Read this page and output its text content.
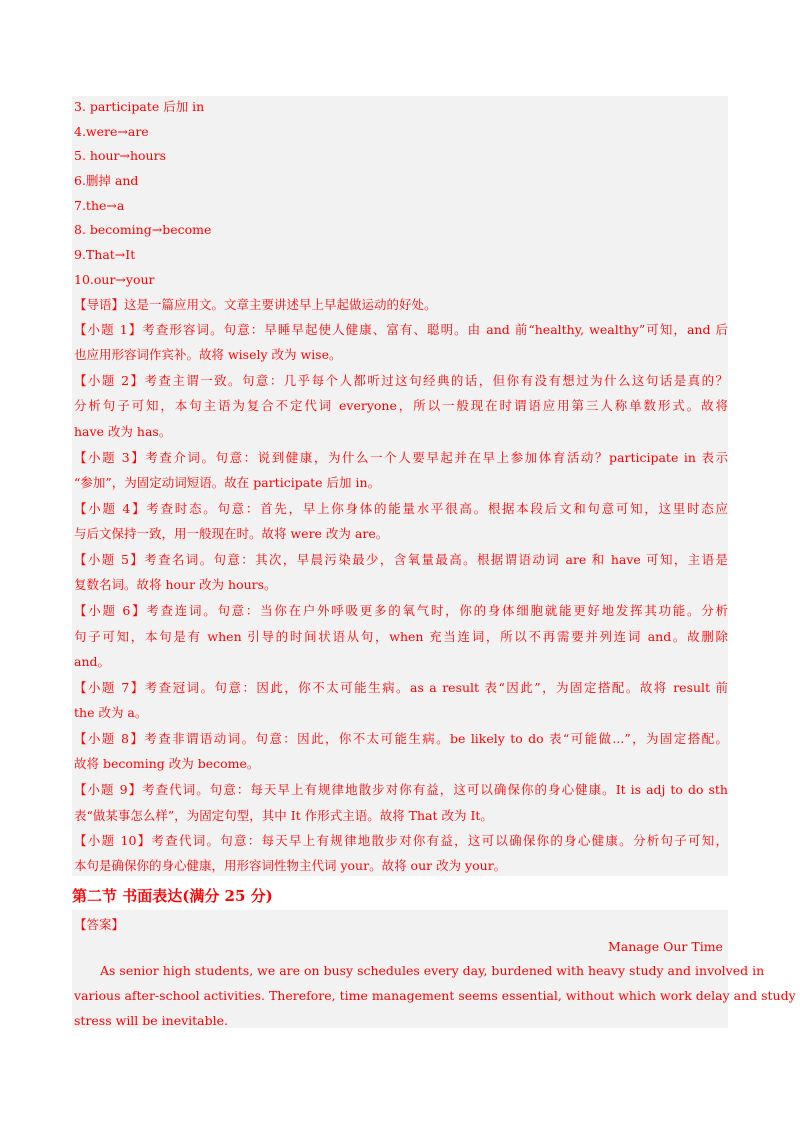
3. participate 后加 in
4.were→are
5. hour→hours
6.删掉 and
7.the→a
8. becoming→become
9.That→It
10.our→your
【导语】这是一篇应用文。文章主要讲述早上早起做运动的好处。
【小题 1】考查形容词。句意：早睡早起使人健康、富有、聪明。由 and 前“healthy, wealthy”可知，and 后
也应用形容词作宾补。故将 wisely 改为 wise。
【小题 2】考查主谓一致。句意：几乎每个人都听过这句经典的话，但你有没有想过为什么这句话是真的？
分析句子可知，本句主语为复合不定代词 everyone，所以一般现在时谓语应用第三人称单数形式。故将
have 改为 has。
【小题 3】考查介词。句意：说到健康，为什么一个人要早起并在早上参加体育活动？participate in 表示
“参加”，为固定动词短语。故在 participate 后加 in。
【小题 4】考查时态。句意：首先，早上你身体的能量水平很高。根据本段后文和句意可知，这里时态应
与后文保持一致，用一般现在时。故将 were 改为 are。
【小题 5】考查名词。句意：其次，早晨污染最少，含氧量最高。根据谓语动词 are 和 have 可知，主语是
复数名词。故将 hour 改为 hours。
【小题 6】考查连词。句意：当你在户外呼吸更多的氧气时，你的身体细胞就能更好地发挥其功能。分析
句子可知，本句是有 when 引导的时间状语从句，when 充当连词，所以不再需要并列连词 and。故删除
and。
【小题 7】考查冠词。句意：因此，你不太可能生病。as a result 表“因此”，为固定搭配。故将 result 前
the 改为 a。
【小题 8】考查非谓语动词。句意：因此，你不太可能生病。be likely to do 表“可能做...”，为固定搭配。
故将 becoming 改为 become。
【小题 9】考查代词。句意：每天早上有规律地散步对你有益，这可以确保你的身心健康。It is adj to do sth
表“做某事怎么样”，为固定句型，其中 It 作形式主语。故将 That 改为 It。
【小题 10】考查代词。句意：每天早上有规律地散步对你有益，这可以确保你的身心健康。分析句子可知，
本句是确保你的身心健康，用形容词性物主代词 your。故将 our 改为 your。
第二节 书面表达(满分 25 分)
【答案】
Manage Our Time
As senior high students, we are on busy schedules every day, burdened with heavy study and involved in
various after-school activities. Therefore, time management seems essential, without which work delay and study
stress will be inevitable.
